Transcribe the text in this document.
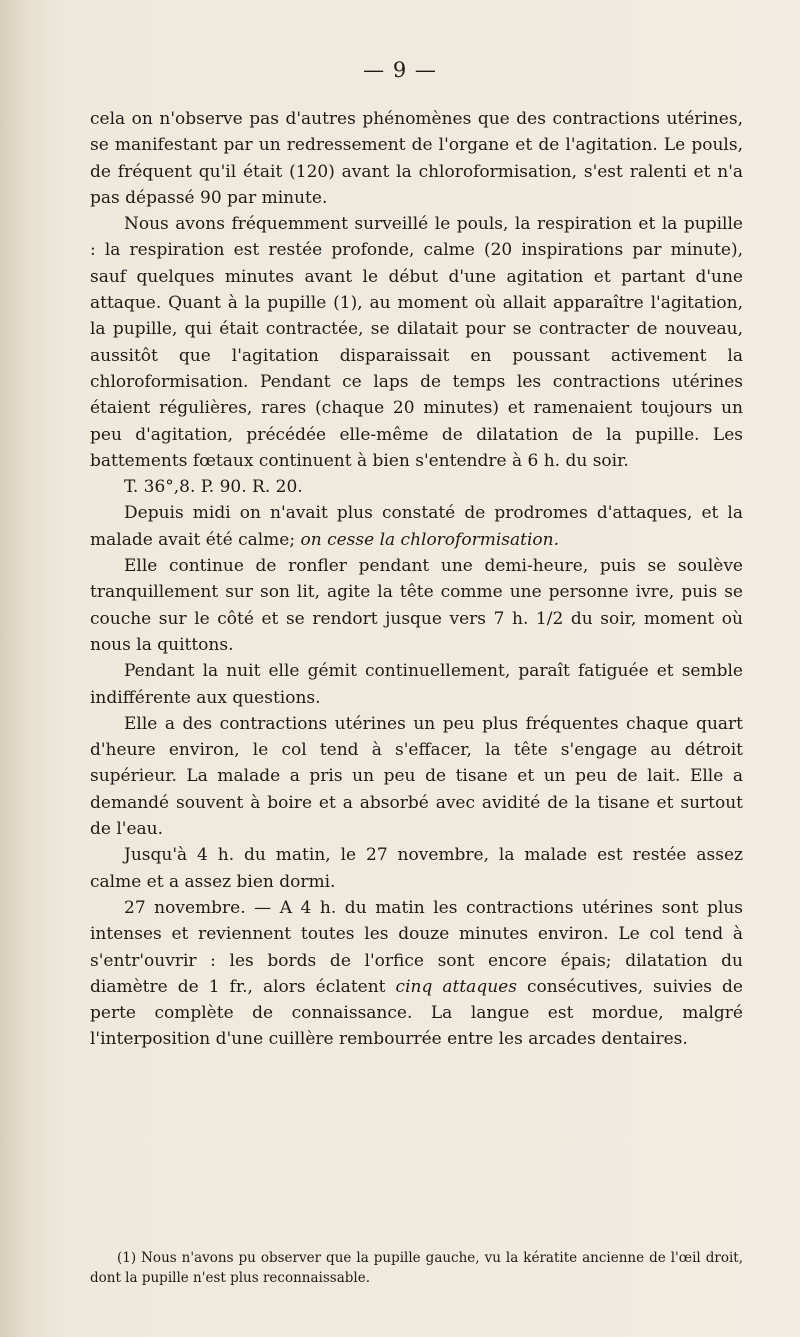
— 9 —

cela on n'observe pas d'autres phénomènes que des contractions utérines, se manifestant par un redressement de l'organe et de l'agitation. Le pouls, de fréquent qu'il était (120) avant la chloroformisation, s'est ralenti et n'a pas dépassé 90 par minute.

Nous avons fréquemment surveillé le pouls, la respiration et la pupille : la respiration est restée profonde, calme (20 inspirations par minute), sauf quelques minutes avant le début d'une agitation et partant d'une attaque. Quant à la pupille (1), au moment où allait apparaître l'agitation, la pupille, qui était contractée, se dilatait pour se contracter de nouveau, aussitôt que l'agitation disparaissait en poussant activement la chloroformisation. Pendant ce laps de temps les contractions utérines étaient régulières, rares (chaque 20 minutes) et ramenaient toujours un peu d'agitation, précédée elle-même de dilatation de la pupille. Les battements fœtaux continuent à bien s'entendre à 6 h. du soir.

T. 36°,8. P. 90. R. 20.

Depuis midi on n'avait plus constaté de prodromes d'attaques, et la malade avait été calme; on cesse la chloroformisation.

Elle continue de ronfler pendant une demi-heure, puis se soulève tranquillement sur son lit, agite la tête comme une personne ivre, puis se couche sur le côté et se rendort jusque vers 7 h. 1/2 du soir, moment où nous la quittons.

Pendant la nuit elle gémit continuellement, paraît fatiguée et semble indifférente aux questions.

Elle a des contractions utérines un peu plus fréquentes chaque quart d'heure environ, le col tend à s'effacer, la tête s'engage au détroit supérieur. La malade a pris un peu de tisane et un peu de lait. Elle a demandé souvent à boire et a absorbé avec avidité de la tisane et surtout de l'eau.

Jusqu'à 4 h. du matin, le 27 novembre, la malade est restée assez calme et a assez bien dormi.

27 novembre. — A 4 h. du matin les contractions utérines sont plus intenses et reviennent toutes les douze minutes environ. Le col tend à s'entr'ouvrir : les bords de l'orfice sont encore épais; dilatation du diamètre de 1 fr., alors éclatent cinq attaques consécutives, suivies de perte complète de connaissance. La langue est mordue, malgré l'interposition d'une cuillère rembourrée entre les arcades dentaires.

(1) Nous n'avons pu observer que la pupille gauche, vu la kératite ancienne de l'œil droit, dont la pupille n'est plus reconnaissable.
